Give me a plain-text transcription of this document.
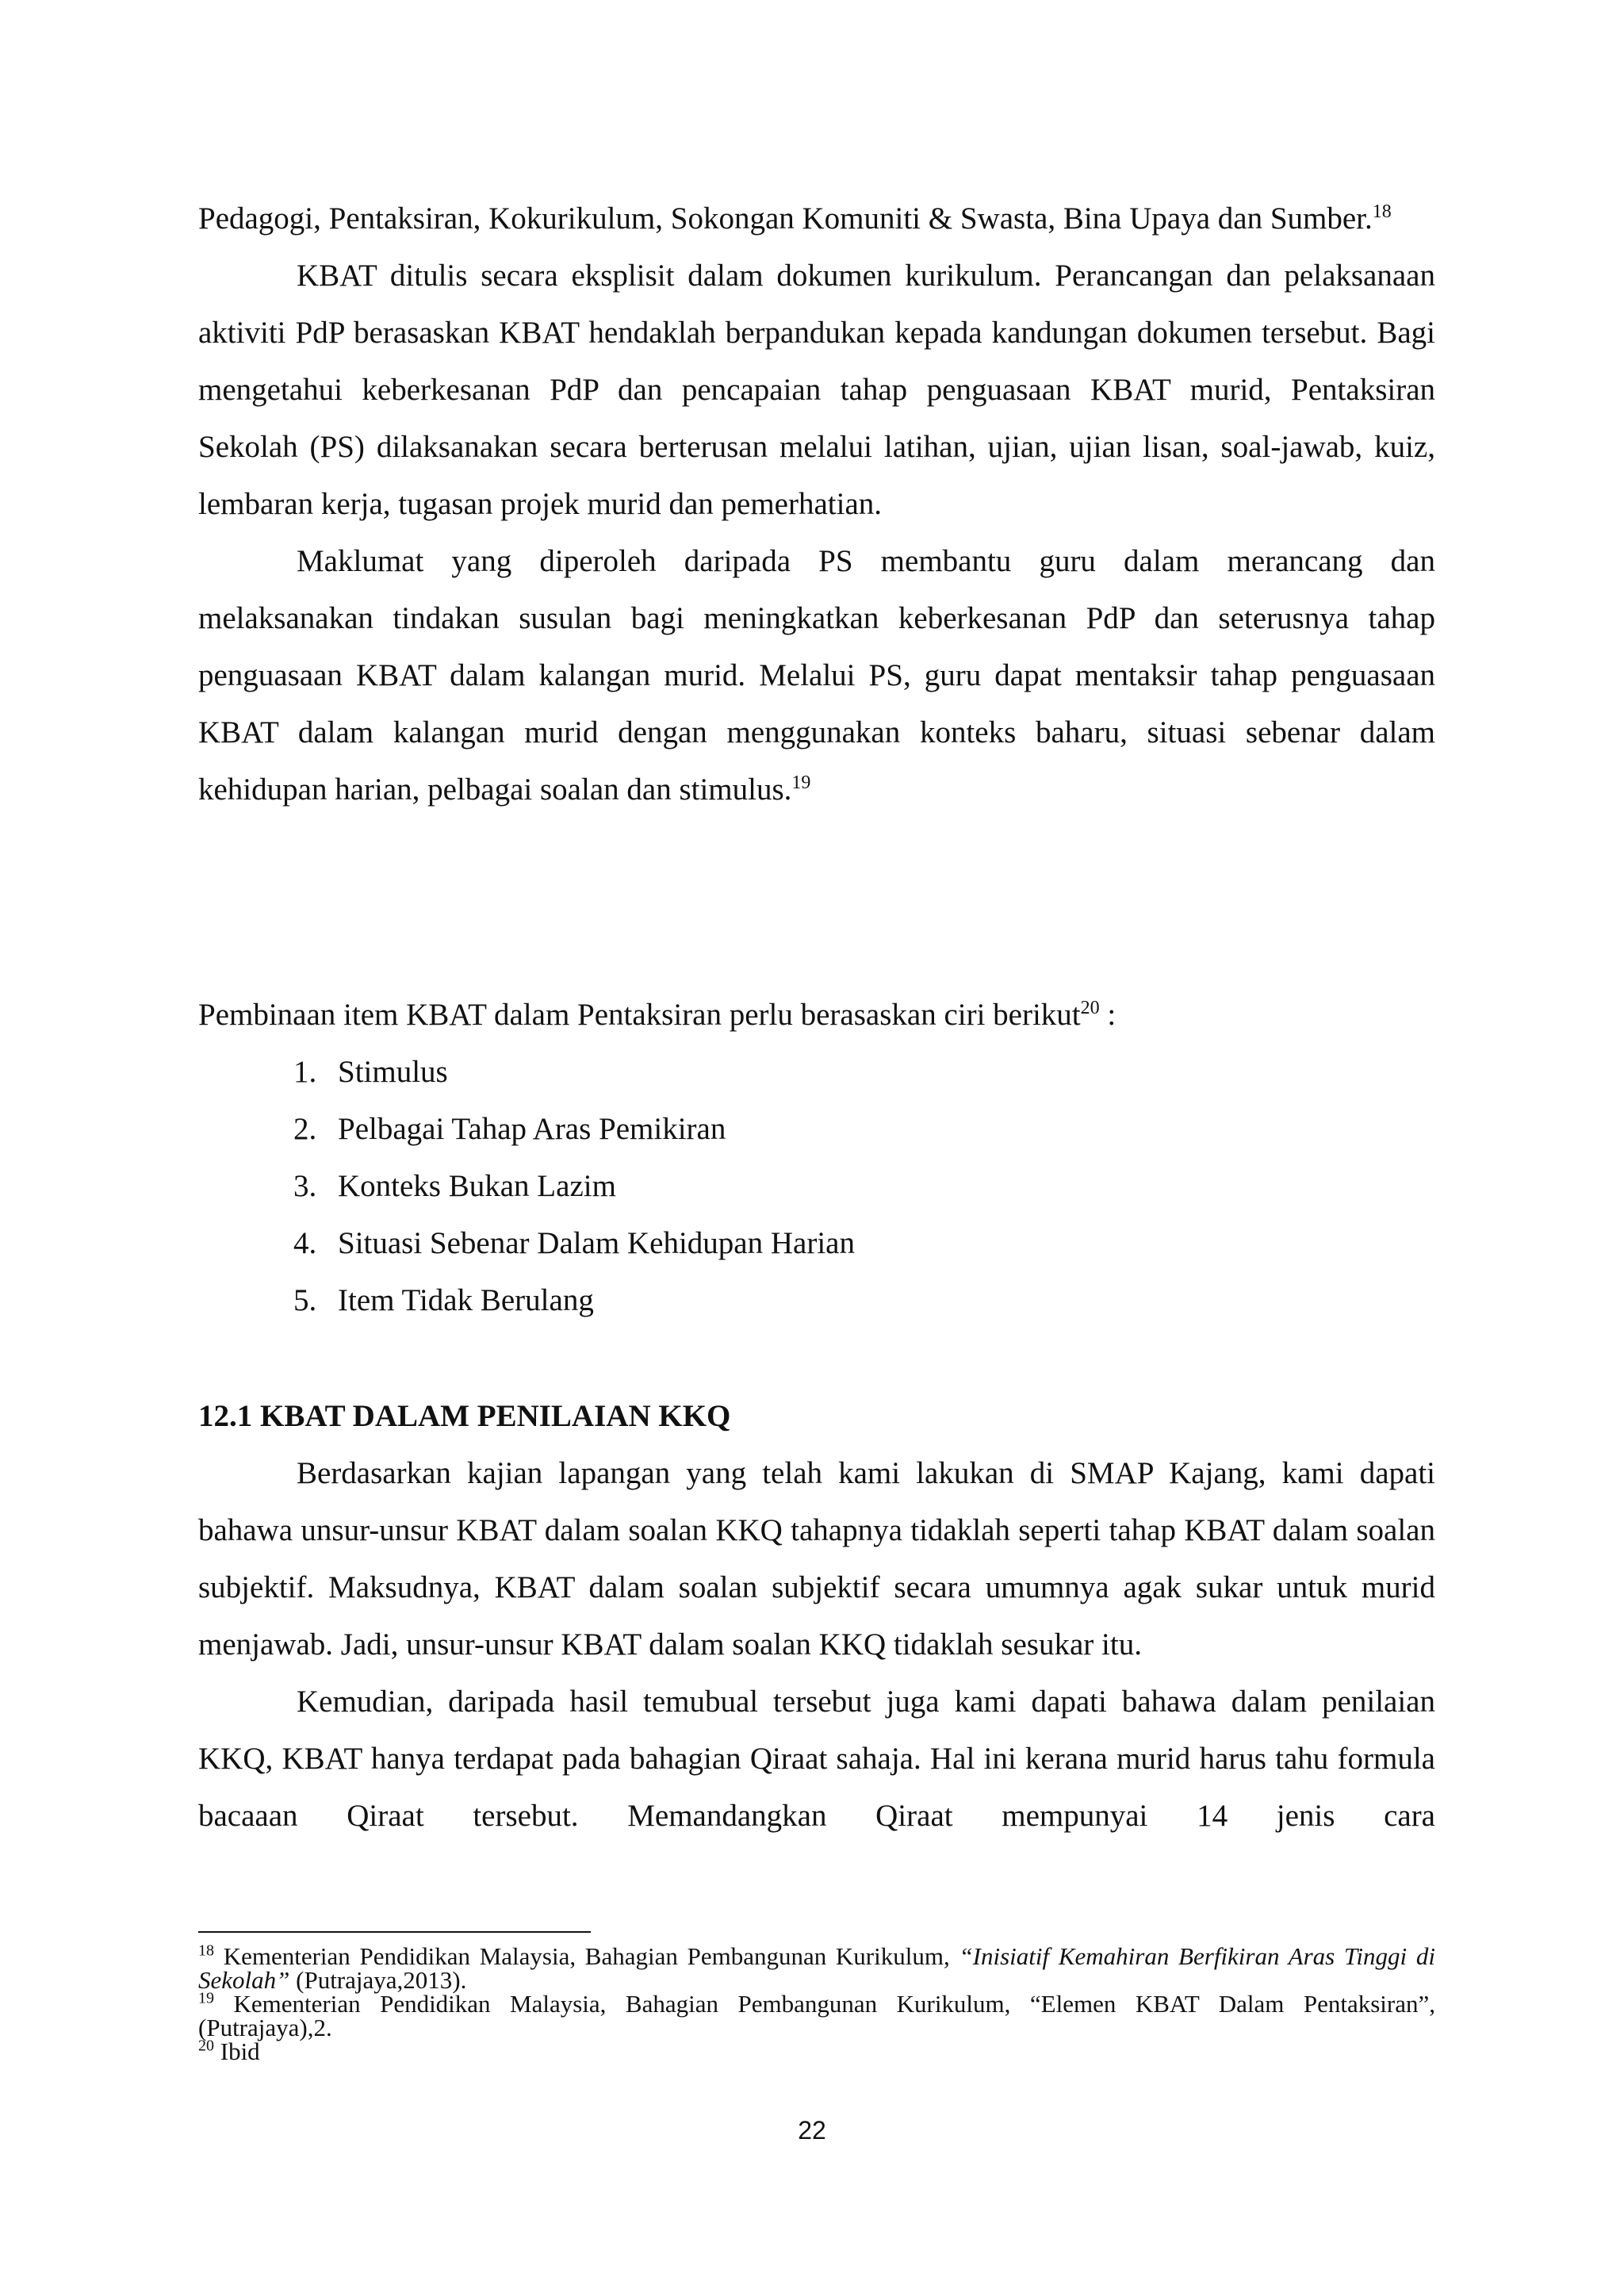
Pedagogi, Pentaksiran, Kokurikulum, Sokongan Komuniti & Swasta, Bina Upaya dan Sumber.$^{18}$

KBAT ditulis secara eksplisit dalam dokumen kurikulum. Perancangan dan pelaksanaan aktiviti PdP berasaskan KBAT hendaklah berpandukan kepada kandungan dokumen tersebut. Bagi mengetahui keberkesanan PdP dan pencapaian tahap penguasaan KBAT murid, Pentaksiran Sekolah (PS) dilaksanakan secara berterusan melalui latihan, ujian, ujian lisan, soal-jawab, kuiz, lembaran kerja, tugasan projek murid dan pemerhatian.

Maklumat yang diperoleh daripada PS membantu guru dalam merancang dan melaksanakan tindakan susulan bagi meningkatkan keberkesanan PdP dan seterusnya tahap penguasaan KBAT dalam kalangan murid. Melalui PS, guru dapat mentaksir tahap penguasaan KBAT dalam kalangan murid dengan menggunakan konteks baharu, situasi sebenar dalam kehidupan harian, pelbagai soalan dan stimulus.$^{19}$

Pembinaan item KBAT dalam Pentaksiran perlu berasaskan ciri berikut$^{20}$ :

1. Stimulus
2. Pelbagai Tahap Aras Pemikiran
3. Konteks Bukan Lazim
4. Situasi Sebenar Dalam Kehidupan Harian
5. Item Tidak Berulang

12.1 KBAT DALAM PENILAIAN KKQ

Berdasarkan kajian lapangan yang telah kami lakukan di SMAP Kajang, kami dapati bahawa unsur-unsur KBAT dalam soalan KKQ tahapnya tidaklah seperti tahap KBAT dalam soalan subjektif. Maksudnya, KBAT dalam soalan subjektif secara umumnya agak sukar untuk murid menjawab. Jadi, unsur-unsur KBAT dalam soalan KKQ tidaklah sesukar itu.

Kemudian, daripada hasil temubual tersebut juga kami dapati bahawa dalam penilaian KKQ, KBAT hanya terdapat pada bahagian Qiraat sahaja. Hal ini kerana murid harus tahu formula bacaaan Qiraat tersebut. Memandangkan Qiraat mempunyai 14 jenis cara

$^{18}$ Kementerian Pendidikan Malaysia, Bahagian Pembangunan Kurikulum, “Inisiatif Kemahiran Berfikiran Aras Tinggi di Sekolah” (Putrajaya,2013).

$^{19}$ Kementerian Pendidikan Malaysia, Bahagian Pembangunan Kurikulum, “Elemen KBAT Dalam Pentaksiran”, (Putrajaya),2.

$^{20}$ Ibid

22
